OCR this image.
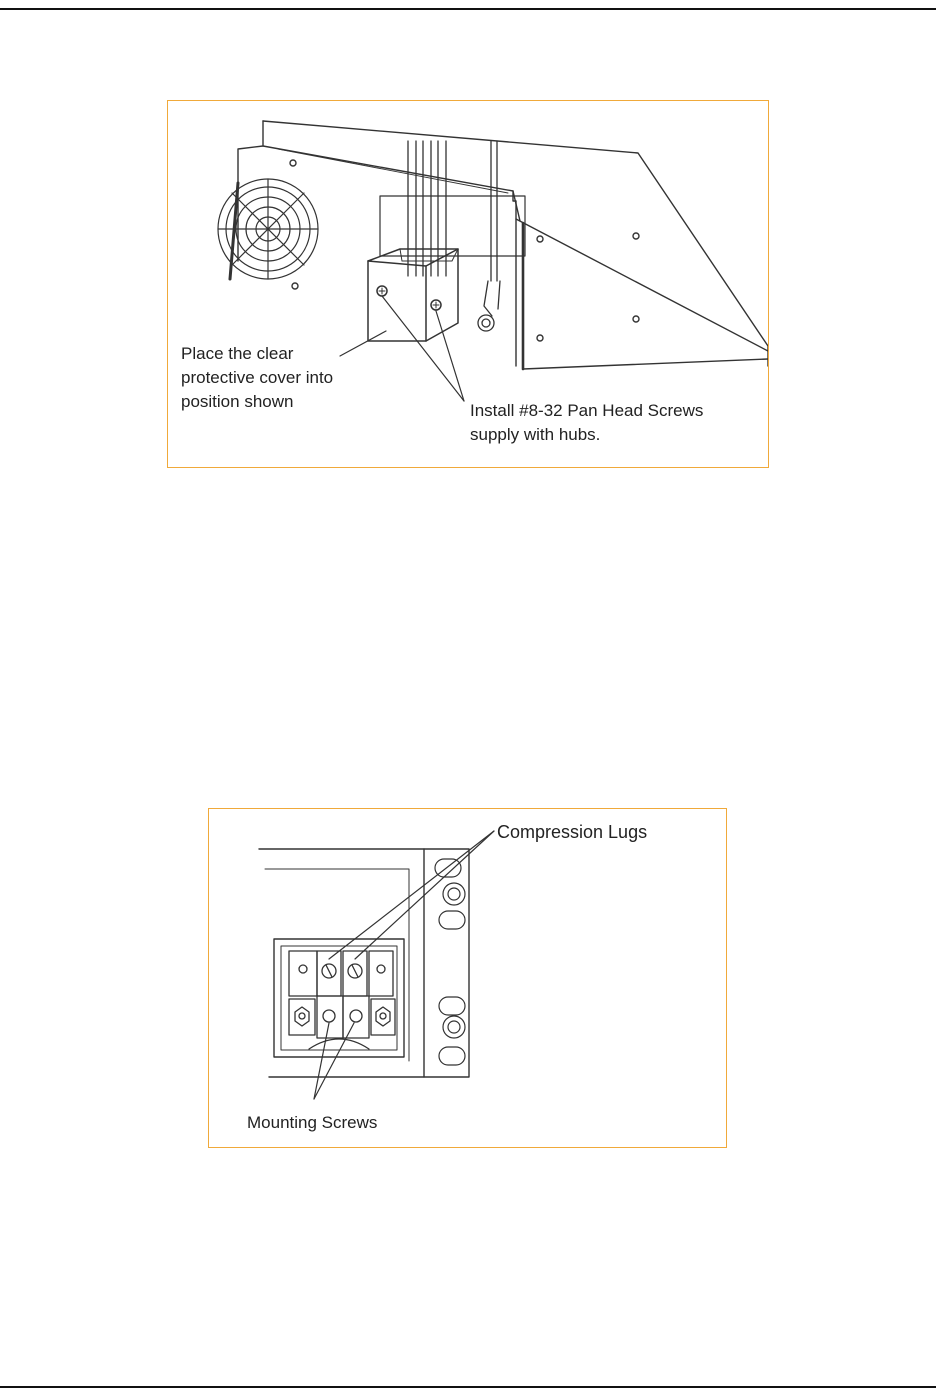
Place the clear
protective cover into
position shown	Install #8-32 Pan Head Screws
supply with hubs.

Compression Lugs

Mounting Screws
